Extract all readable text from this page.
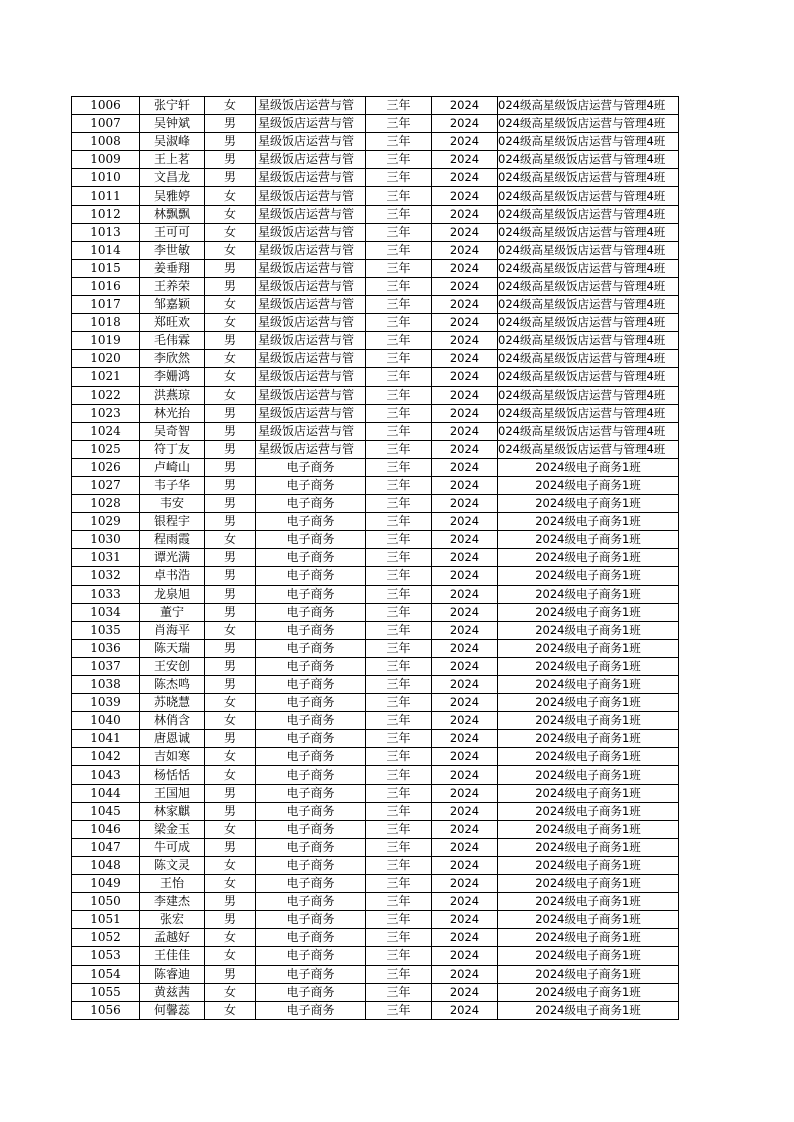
1006	张宁轩	女	星级饭店运营与管	三年	2024	024级高星级饭店运营与管理4班
1007	吴钟斌	男	星级饭店运营与管	三年	2024	024级高星级饭店运营与管理4班
1008	吴淑峰	男	星级饭店运营与管	三年	2024	024级高星级饭店运营与管理4班
1009	王上茗	男	星级饭店运营与管	三年	2024	024级高星级饭店运营与管理4班
1010	文昌龙	男	星级饭店运营与管	三年	2024	024级高星级饭店运营与管理4班
1011	吴雅婷	女	星级饭店运营与管	三年	2024	024级高星级饭店运营与管理4班
1012	林飘飘	女	星级饭店运营与管	三年	2024	024级高星级饭店运营与管理4班
1013	王可可	女	星级饭店运营与管	三年	2024	024级高星级饭店运营与管理4班
1014	李世敏	女	星级饭店运营与管	三年	2024	024级高星级饭店运营与管理4班
1015	姜垂翔	男	星级饭店运营与管	三年	2024	024级高星级饭店运营与管理4班
1016	王养荣	男	星级饭店运营与管	三年	2024	024级高星级饭店运营与管理4班
1017	邹嘉颖	女	星级饭店运营与管	三年	2024	024级高星级饭店运营与管理4班
1018	郑旺欢	女	星级饭店运营与管	三年	2024	024级高星级饭店运营与管理4班
1019	毛伟霖	男	星级饭店运营与管	三年	2024	024级高星级饭店运营与管理4班
1020	李欣然	女	星级饭店运营与管	三年	2024	024级高星级饭店运营与管理4班
1021	李姗鸿	女	星级饭店运营与管	三年	2024	024级高星级饭店运营与管理4班
1022	洪燕琼	女	星级饭店运营与管	三年	2024	024级高星级饭店运营与管理4班
1023	林光抬	男	星级饭店运营与管	三年	2024	024级高星级饭店运营与管理4班
1024	吴奇智	男	星级饭店运营与管	三年	2024	024级高星级饭店运营与管理4班
1025	符丁友	男	星级饭店运营与管	三年	2024	024级高星级饭店运营与管理4班
1026	卢崎山	男	电子商务	三年	2024	2024级电子商务1班
1027	韦子华	男	电子商务	三年	2024	2024级电子商务1班
1028	韦安	男	电子商务	三年	2024	2024级电子商务1班
1029	银程宇	男	电子商务	三年	2024	2024级电子商务1班
1030	程雨霞	女	电子商务	三年	2024	2024级电子商务1班
1031	谭光满	男	电子商务	三年	2024	2024级电子商务1班
1032	卓书浩	男	电子商务	三年	2024	2024级电子商务1班
1033	龙泉旭	男	电子商务	三年	2024	2024级电子商务1班
1034	董宁	男	电子商务	三年	2024	2024级电子商务1班
1035	肖海平	女	电子商务	三年	2024	2024级电子商务1班
1036	陈天瑞	男	电子商务	三年	2024	2024级电子商务1班
1037	王安创	男	电子商务	三年	2024	2024级电子商务1班
1038	陈杰鸣	男	电子商务	三年	2024	2024级电子商务1班
1039	苏晓慧	女	电子商务	三年	2024	2024级电子商务1班
1040	林俏含	女	电子商务	三年	2024	2024级电子商务1班
1041	唐恩诚	男	电子商务	三年	2024	2024级电子商务1班
1042	吉如寒	女	电子商务	三年	2024	2024级电子商务1班
1043	杨恬恬	女	电子商务	三年	2024	2024级电子商务1班
1044	王国旭	男	电子商务	三年	2024	2024级电子商务1班
1045	林家麒	男	电子商务	三年	2024	2024级电子商务1班
1046	梁金玉	女	电子商务	三年	2024	2024级电子商务1班
1047	牛可成	男	电子商务	三年	2024	2024级电子商务1班
1048	陈文灵	女	电子商务	三年	2024	2024级电子商务1班
1049	王怡	女	电子商务	三年	2024	2024级电子商务1班
1050	李建杰	男	电子商务	三年	2024	2024级电子商务1班
1051	张宏	男	电子商务	三年	2024	2024级电子商务1班
1052	孟越好	女	电子商务	三年	2024	2024级电子商务1班
1053	王佳佳	女	电子商务	三年	2024	2024级电子商务1班
1054	陈睿迪	男	电子商务	三年	2024	2024级电子商务1班
1055	黄兹茜	女	电子商务	三年	2024	2024级电子商务1班
1056	何馨蕊	女	电子商务	三年	2024	2024级电子商务1班
